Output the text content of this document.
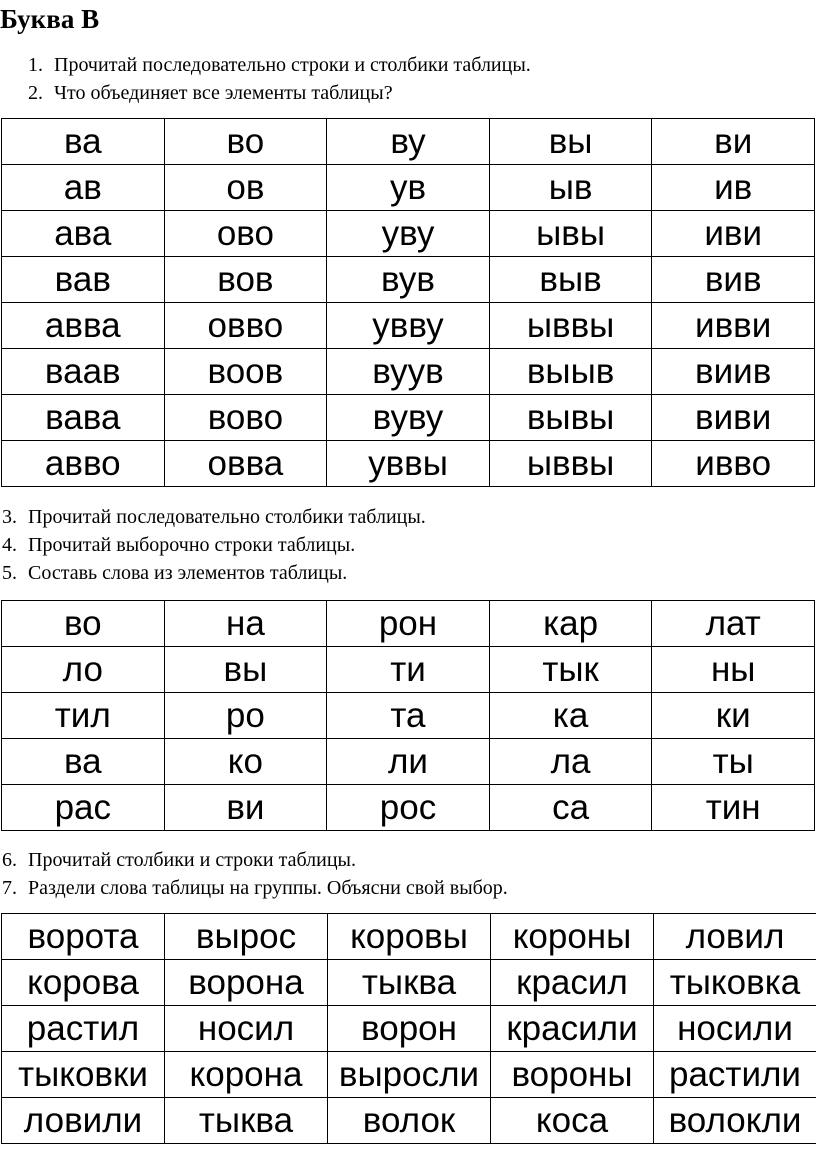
Буква В
1. Прочитай последовательно строки и столбики таблицы.
2. Что объединяет все элементы таблицы?
ва	во	ву	вы	ви
ав	ов	ув	ыв	ив
ава	ово	уву	ывы	иви
вав	вов	вув	выв	вив
авва	овво	увву	ыввы	ивви
ваав	воов	вуув	выыв	виив
вава	вово	вуву	вывы	виви
авво	овва	уввы	ыввы	ивво
3. Прочитай последовательно столбики таблицы.
4. Прочитай выборочно строки таблицы.
5. Составь слова из элементов таблицы.
во	на	рон	кар	лат
ло	вы	ти	тык	ны
тил	ро	та	ка	ки
ва	ко	ли	ла	ты
рас	ви	рос	са	тин
6. Прочитай столбики и строки таблицы.
7. Раздели слова таблицы на группы. Объясни свой выбор.
ворота	вырос	коровы	короны	ловил
корова	ворона	тыква	красил	тыковка
растил	носил	ворон	красили	носили
тыковки	корона	выросли	вороны	растили
ловили	тыква	волок	коса	волокли
